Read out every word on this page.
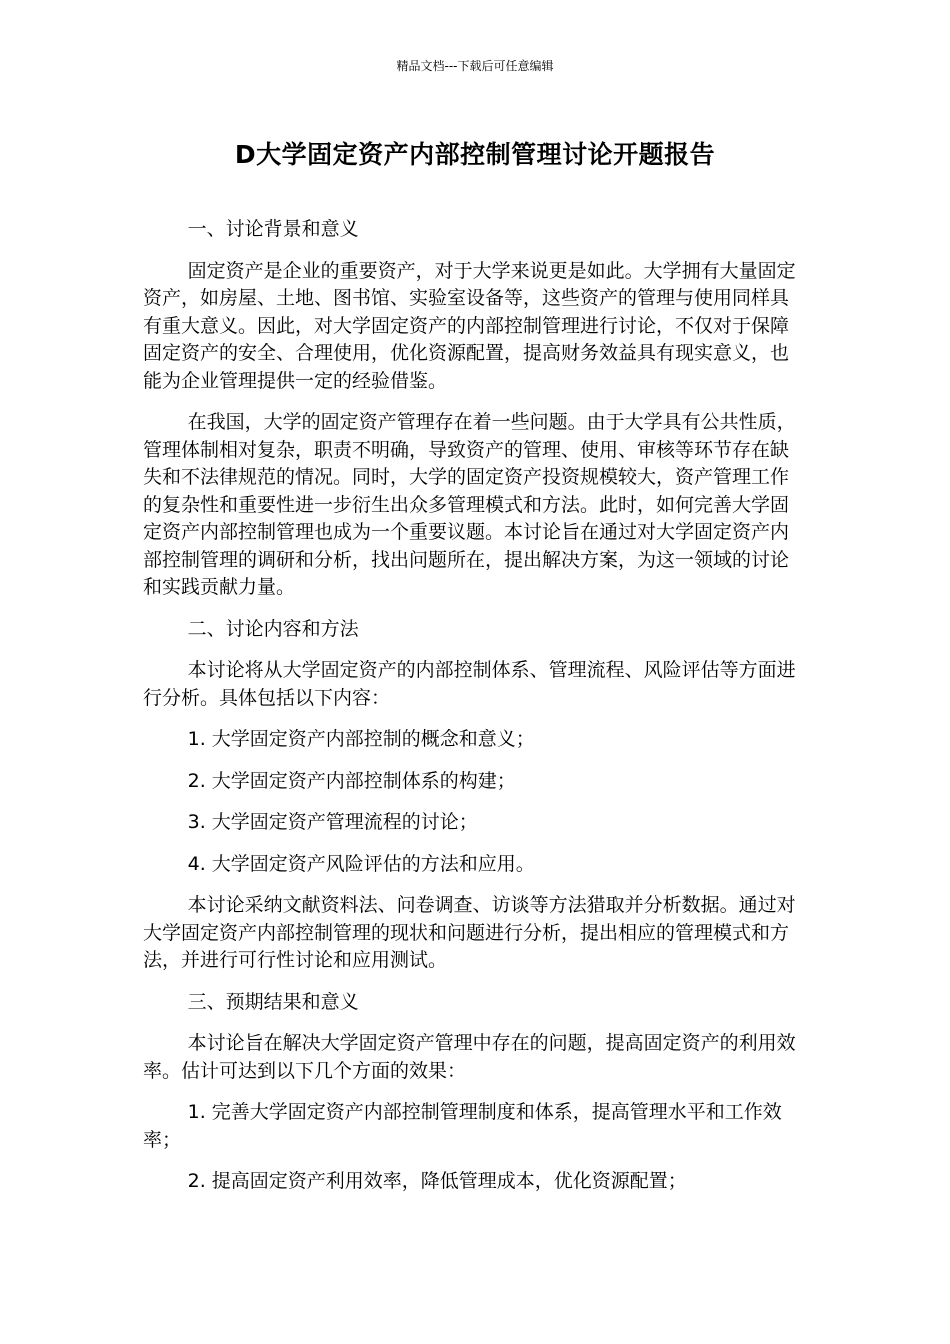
精品文档---下载后可任意编辑
D大学固定资产内部控制管理讨论开题报告

一、讨论背景和意义

固定资产是企业的重要资产，对于大学来说更是如此。大学拥有大量固定资产，如房屋、土地、图书馆、实验室设备等，这些资产的管理与使用同样具有重大意义。因此，对大学固定资产的内部控制管理进行讨论，不仅对于保障固定资产的安全、合理使用，优化资源配置，提高财务效益具有现实意义，也能为企业管理提供一定的经验借鉴。

在我国，大学的固定资产管理存在着一些问题。由于大学具有公共性质，管理体制相对复杂，职责不明确，导致资产的管理、使用、审核等环节存在缺失和不法律规范的情况。同时，大学的固定资产投资规模较大，资产管理工作的复杂性和重要性进一步衍生出众多管理模式和方法。此时，如何完善大学固定资产内部控制管理也成为一个重要议题。本讨论旨在通过对大学固定资产内部控制管理的调研和分析，找出问题所在，提出解决方案，为这一领域的讨论和实践贡献力量。

二、讨论内容和方法

本讨论将从大学固定资产的内部控制体系、管理流程、风险评估等方面进行分析。具体包括以下内容：

1. 大学固定资产内部控制的概念和意义；

2. 大学固定资产内部控制体系的构建；

3. 大学固定资产管理流程的讨论；

4. 大学固定资产风险评估的方法和应用。

本讨论采纳文献资料法、问卷调查、访谈等方法猎取并分析数据。通过对大学固定资产内部控制管理的现状和问题进行分析，提出相应的管理模式和方法，并进行可行性讨论和应用测试。

三、预期结果和意义

本讨论旨在解决大学固定资产管理中存在的问题，提高固定资产的利用效率。估计可达到以下几个方面的效果：

1. 完善大学固定资产内部控制管理制度和体系，提高管理水平和工作效率；

2. 提高固定资产利用效率，降低管理成本，优化资源配置；
